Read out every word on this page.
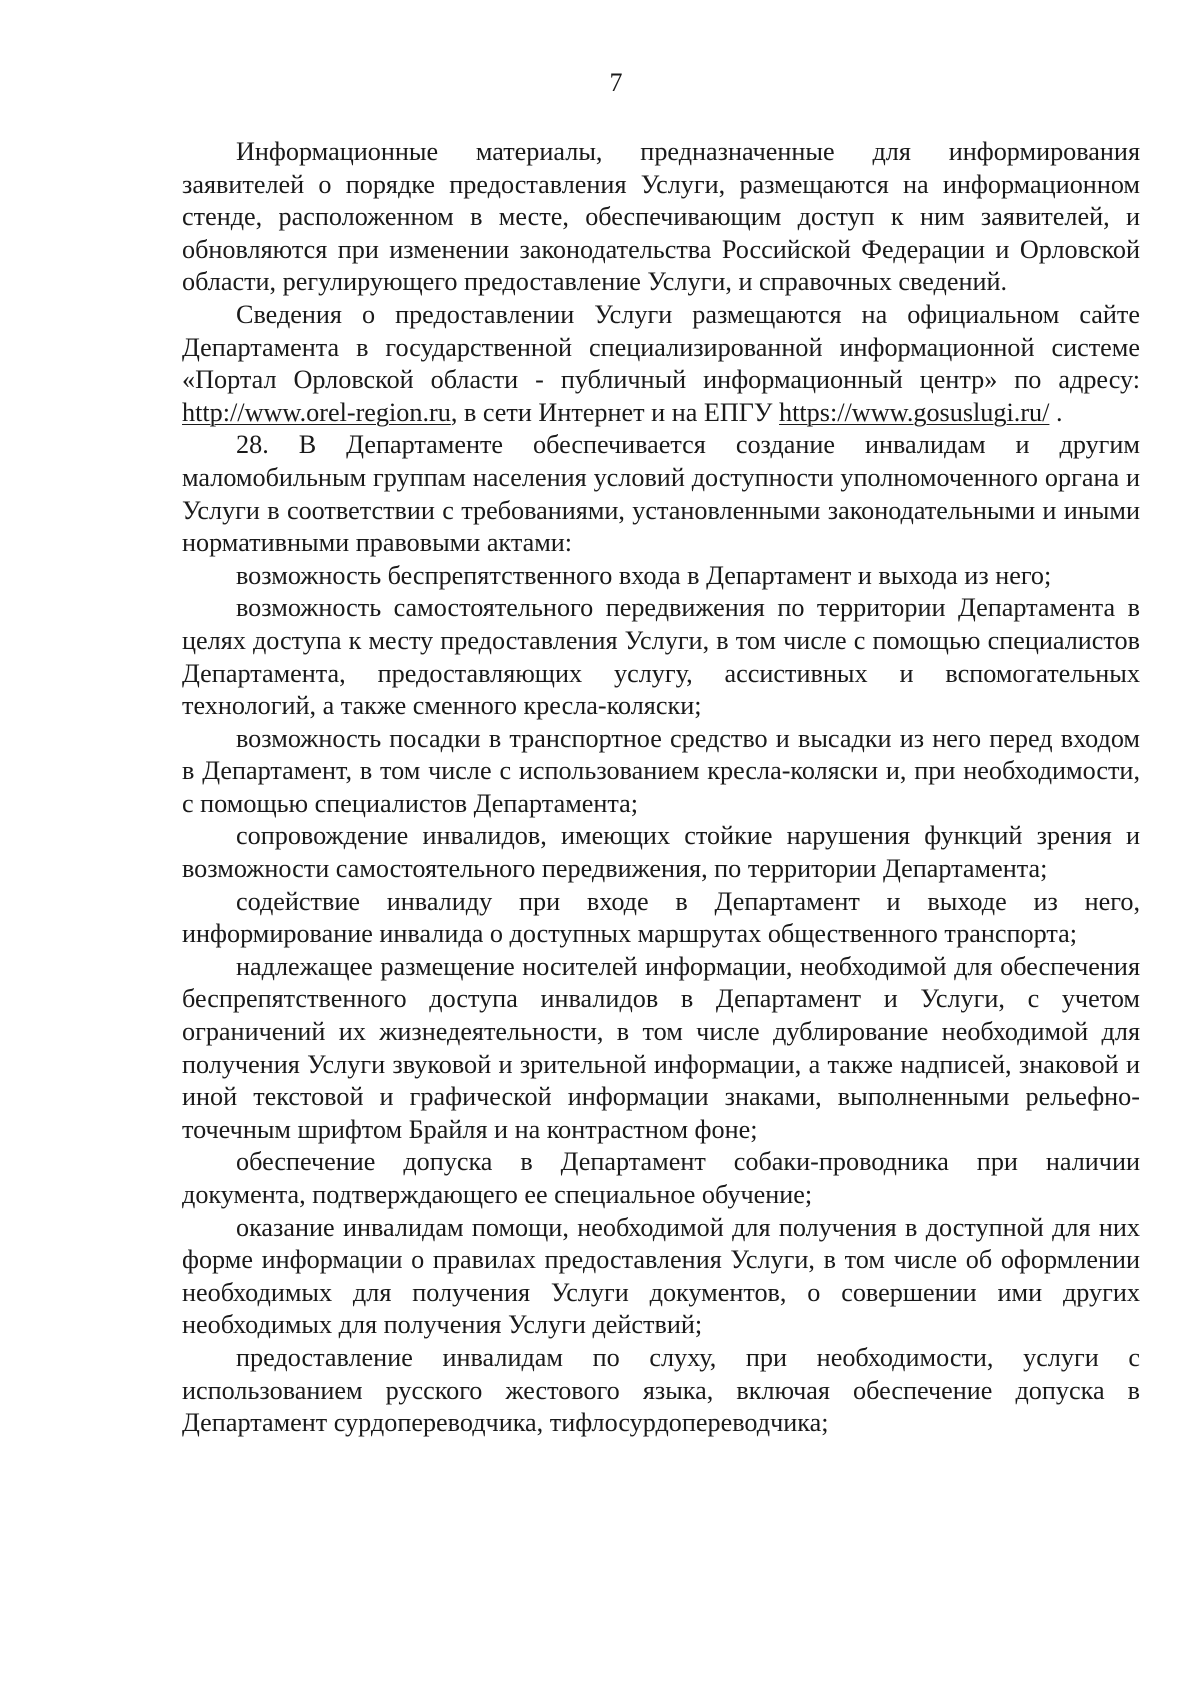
7

Информационные материалы, предназначенные для информирования заявителей о порядке предоставления Услуги, размещаются на информационном стенде, расположенном в месте, обеспечивающим доступ к ним заявителей, и обновляются при изменении законодательства Российской Федерации и Орловской области, регулирующего предоставление Услуги, и справочных сведений.

Сведения о предоставлении Услуги размещаются на официальном сайте Департамента в государственной специализированной информационной системе «Портал Орловской области - публичный информационный центр» по адресу: http://www.orel-region.ru, в сети Интернет и на ЕПГУ https://www.gosuslugi.ru/ .

28. В Департаменте обеспечивается создание инвалидам и другим маломобильным группам населения условий доступности уполномоченного органа и Услуги в соответствии с требованиями, установленными законодательными и иными нормативными правовыми актами:

возможность беспрепятственного входа в Департамент и выхода из него;

возможность самостоятельного передвижения по территории Департамента в целях доступа к месту предоставления Услуги, в том числе с помощью специалистов Департамента, предоставляющих услугу, ассистивных и вспомогательных технологий, а также сменного кресла-коляски;

возможность посадки в транспортное средство и высадки из него перед входом в Департамент, в том числе с использованием кресла-коляски и, при необходимости, с помощью специалистов Департамента;

сопровождение инвалидов, имеющих стойкие нарушения функций зрения и возможности самостоятельного передвижения, по территории Департамента;

содействие инвалиду при входе в Департамент и выходе из него, информирование инвалида о доступных маршрутах общественного транспорта;

надлежащее размещение носителей информации, необходимой для обеспечения беспрепятственного доступа инвалидов в Департамент и Услуги, с учетом ограничений их жизнедеятельности, в том числе дублирование необходимой для получения Услуги звуковой и зрительной информации, а также надписей, знаковой и иной текстовой и графической информации знаками, выполненными рельефно-точечным шрифтом Брайля и на контрастном фоне;

обеспечение допуска в Департамент собаки-проводника при наличии документа, подтверждающего ее специальное обучение;

оказание инвалидам помощи, необходимой для получения в доступной для них форме информации о правилах предоставления Услуги, в том числе об оформлении необходимых для получения Услуги документов, о совершении ими других необходимых для получения Услуги действий;

предоставление инвалидам по слуху, при необходимости, услуги с использованием русского жестового языка, включая обеспечение допуска в Департамент сурдопереводчика, тифлосурдопереводчика;
